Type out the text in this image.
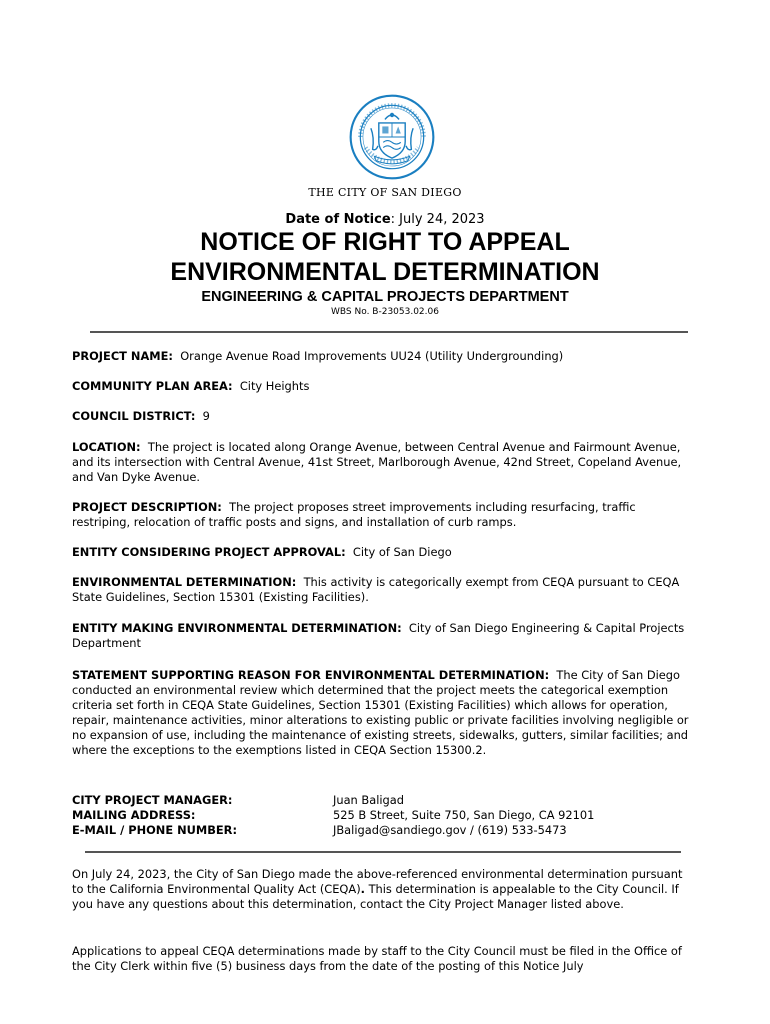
THE CITY OF SAN DIEGO
Date of Notice: July 24, 2023
NOTICE OF RIGHT TO APPEAL
ENVIRONMENTAL DETERMINATION
ENGINEERING & CAPITAL PROJECTS DEPARTMENT
WBS No. B-23053.02.06
PROJECT NAME: Orange Avenue Road Improvements UU24 (Utility Undergrounding)
COMMUNITY PLAN AREA: City Heights
COUNCIL DISTRICT: 9
LOCATION: The project is located along Orange Avenue, between Central Avenue and Fairmount Avenue, and its intersection with Central Avenue, 41st Street, Marlborough Avenue, 42nd Street, Copeland Avenue, and Van Dyke Avenue.
PROJECT DESCRIPTION: The project proposes street improvements including resurfacing, traffic restriping, relocation of traffic posts and signs, and installation of curb ramps.
ENTITY CONSIDERING PROJECT APPROVAL: City of San Diego
ENVIRONMENTAL DETERMINATION: This activity is categorically exempt from CEQA pursuant to CEQA State Guidelines, Section 15301 (Existing Facilities).
ENTITY MAKING ENVIRONMENTAL DETERMINATION: City of San Diego Engineering & Capital Projects Department
STATEMENT SUPPORTING REASON FOR ENVIRONMENTAL DETERMINATION: The City of San Diego conducted an environmental review which determined that the project meets the categorical exemption criteria set forth in CEQA State Guidelines, Section 15301 (Existing Facilities) which allows for operation, repair, maintenance activities, minor alterations to existing public or private facilities involving negligible or no expansion of use, including the maintenance of existing streets, sidewalks, gutters, similar facilities; and where the exceptions to the exemptions listed in CEQA Section 15300.2.
CITY PROJECT MANAGER:	Juan Baligad
MAILING ADDRESS:	525 B Street, Suite 750, San Diego, CA 92101
E-MAIL / PHONE NUMBER:	JBaligad@sandiego.gov / (619) 533-5473
On July 24, 2023, the City of San Diego made the above-referenced environmental determination pursuant to the California Environmental Quality Act (CEQA). This determination is appealable to the City Council. If you have any questions about this determination, contact the City Project Manager listed above.
Applications to appeal CEQA determinations made by staff to the City Council must be filed in the Office of the City Clerk within five (5) business days from the date of the posting of this Notice July
